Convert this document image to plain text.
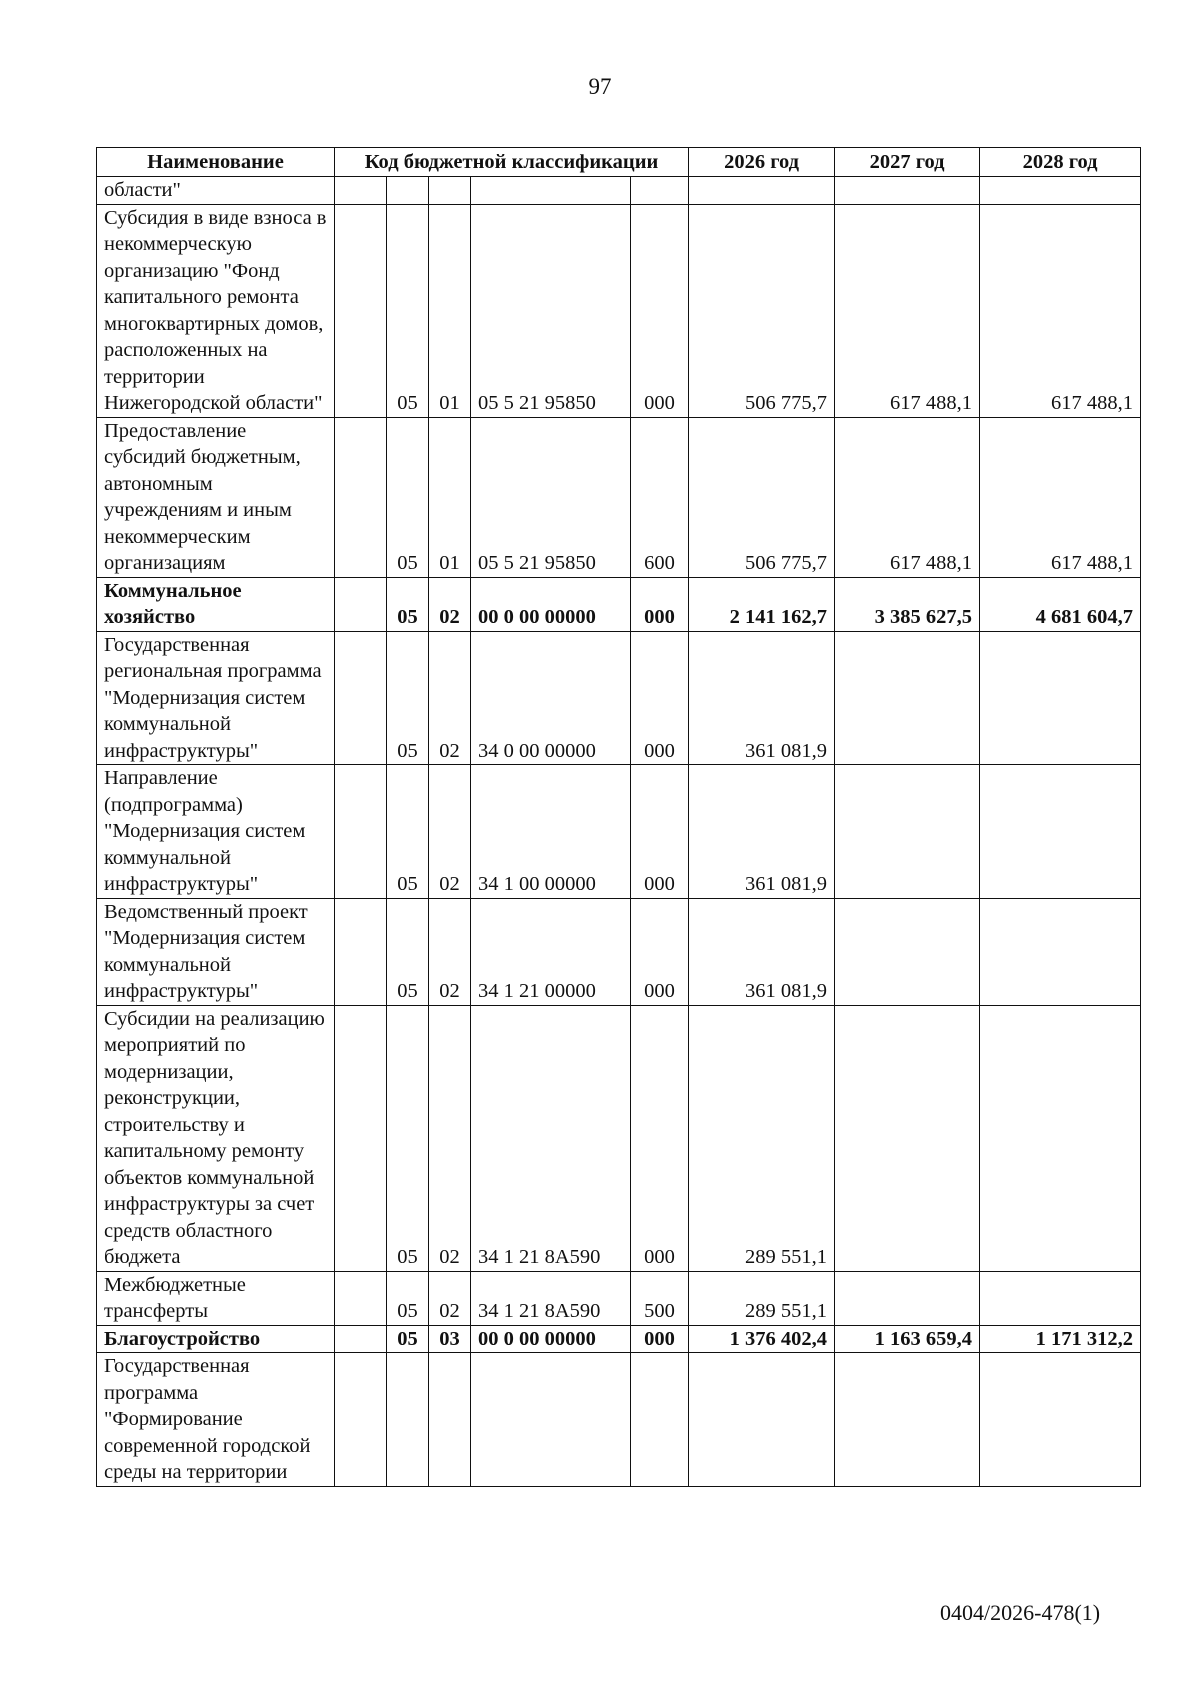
97
Наименование	Код бюджетной классификации					2026 год	2027 год	2028 год
области"								
Субсидия в виде взноса в некоммерческую организацию "Фонд капитального ремонта многоквартирных домов, расположенных на территории Нижегородской области"		05	01	05 5 21 95850	000	506 775,7	617 488,1	617 488,1
Предоставление субсидий бюджетным, автономным учреждениям и иным некоммерческим организациям		05	01	05 5 21 95850	600	506 775,7	617 488,1	617 488,1
Коммунальное хозяйство		05	02	00 0 00 00000	000	2 141 162,7	3 385 627,5	4 681 604,7
Государственная региональная программа "Модернизация систем коммунальной инфраструктуры"		05	02	34 0 00 00000	000	361 081,9		
Направление (подпрограмма) "Модернизация систем коммунальной инфраструктуры"		05	02	34 1 00 00000	000	361 081,9		
Ведомственный проект "Модернизация систем коммунальной инфраструктуры"		05	02	34 1 21 00000	000	361 081,9		
Субсидии на реализацию мероприятий по модернизации, реконструкции, строительству и капитальному ремонту объектов коммунальной инфраструктуры за счет средств областного бюджета		05	02	34 1 21 8A590	000	289 551,1		
Межбюджетные трансферты		05	02	34 1 21 8A590	500	289 551,1		
Благоустройство		05	03	00 0 00 00000	000	1 376 402,4	1 163 659,4	1 171 312,2
Государственная программа "Формирование современной городской среды на территории								
0404/2026-478(1)
